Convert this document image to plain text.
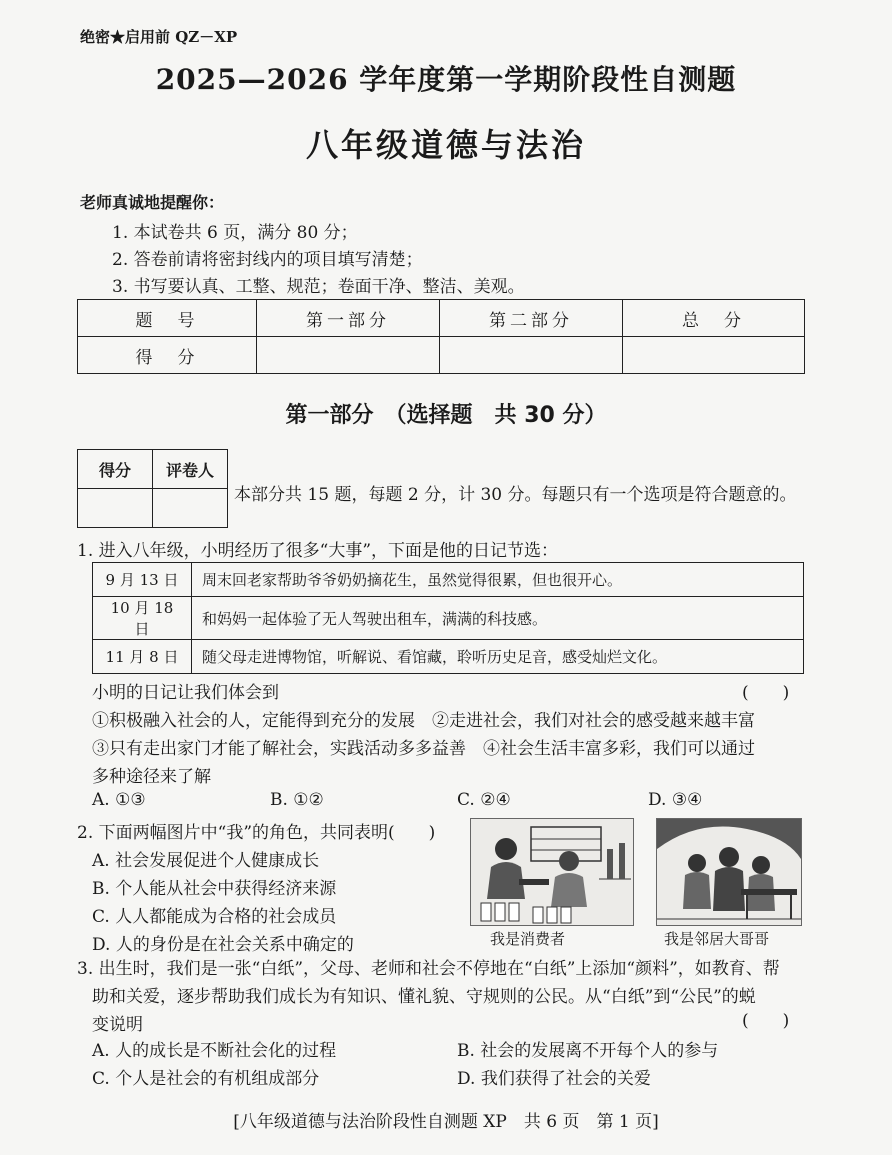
绝密★启用前 QZ－XP
2025—2026 学年度第一学期阶段性自测题
八年级道德与法治
老师真诚地提醒你：
1. 本试卷共 6 页，满分 80 分；
2. 答卷前请将密封线内的项目填写清楚；
3. 书写要认真、工整、规范；卷面干净、整洁、美观。
题　号	第一部分	第二部分	总　分
得　分			
第一部分　（选择题　共 30 分）
得分	评卷人

本部分共 15 题，每题 2 分，计 30 分。每题只有一个选项是符合题意的。
1. 进入八年级，小明经历了很多“大事”，下面是他的日记节选：
9 月 13 日	周末回老家帮助爷爷奶奶摘花生，虽然觉得很累，但也很开心。
10 月 18 日	和妈妈一起体验了无人驾驶出租车，满满的科技感。
11 月 8 日	随父母走进博物馆，听解说、看馆藏，聆听历史足音，感受灿烂文化。
小明的日记让我们体会到	(　　)
①积极融入社会的人，定能得到充分的发展　②走进社会，我们对社会的感受越来越丰富
③只有走出家门才能了解社会，实践活动多多益善　④社会生活丰富多彩，我们可以通过
多种途径来了解
A. ①③	B. ①②	C. ②④	D. ③④
2. 下面两幅图片中“我”的角色，共同表明(　　)
A. 社会发展促进个人健康成长
B. 个人能从社会中获得经济来源
C. 人人都能成为合格的社会成员
D. 人的身份是在社会关系中确定的	我是消费者	我是邻居大哥哥
3. 出生时，我们是一张“白纸”，父母、老师和社会不停地在“白纸”上添加“颜料”，如教育、帮
助和关爱，逐步帮助我们成长为有知识、懂礼貌、守规则的公民。从“白纸”到“公民”的蜕
变说明	(　　)
A. 人的成长是不断社会化的过程	B. 社会的发展离不开每个人的参与
C. 个人是社会的有机组成部分	D. 我们获得了社会的关爱
[八年级道德与法治阶段性自测题 XP　共 6 页　第 1 页]
